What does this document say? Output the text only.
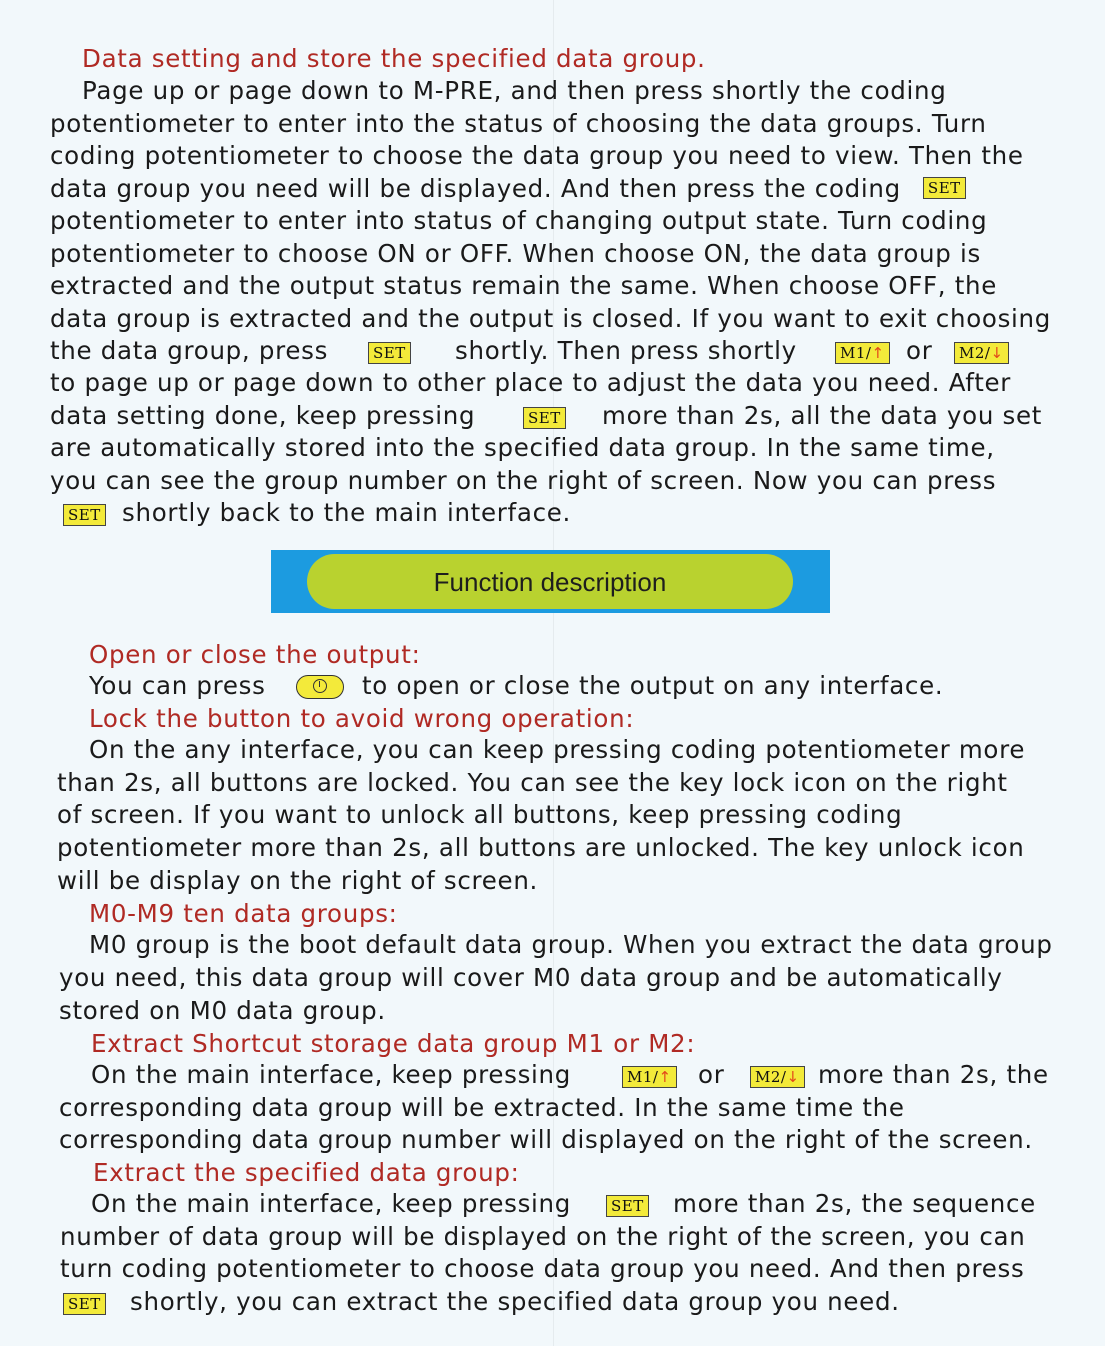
Data setting and store the specified data group.
Page up or page down to M-PRE, and then press shortly the coding
potentiometer to enter into the status of choosing the data groups. Turn
coding potentiometer to choose the data group you need to view. Then the
data group you need will be displayed. And then press the coding SET
potentiometer to enter into status of changing output state. Turn coding
potentiometer to choose ON or OFF. When choose ON, the data group is
extracted and the output status remain the same. When choose OFF, the
data group is extracted and the output is closed. If you want to exit choosing
the data group, press	SET shortly. Then press shortly	M1/↑ or	M2/↓
to page up or page down to other place to adjust the data you need. After
data setting done, keep pressing	SET more than 2s, all the data you set
are automatically stored into the specified data group. In the same time,
you can see the group number on the right of screen. Now you can press
SET shortly back to the main interface.
Function description
Open or close the output:
You can press	to open or close the output on any interface.
Lock the button to avoid wrong operation:
On the any interface, you can keep pressing coding potentiometer more
than 2s, all buttons are locked. You can see the key lock icon on the right
of screen. If you want to unlock all buttons, keep pressing coding
potentiometer more than 2s, all buttons are unlocked. The key unlock icon
will be display on the right of screen.
M0-M9 ten data groups:
M0 group is the boot default data group. When you extract the data group
you need, this data group will cover M0 data group and be automatically
stored on M0 data group.
Extract Shortcut storage data group M1 or M2:
On the main interface, keep pressing	M1/↑ or	M2/↓ more than 2s, the
corresponding data group will be extracted. In the same time the
corresponding data group number will displayed on the right of the screen.
Extract the specified data group:
On the main interface, keep pressing	SET more than 2s, the sequence
number of data group will be displayed on the right of the screen, you can
turn coding potentiometer to choose data group you need. And then press
SET shortly, you can extract the specified data group you need.
